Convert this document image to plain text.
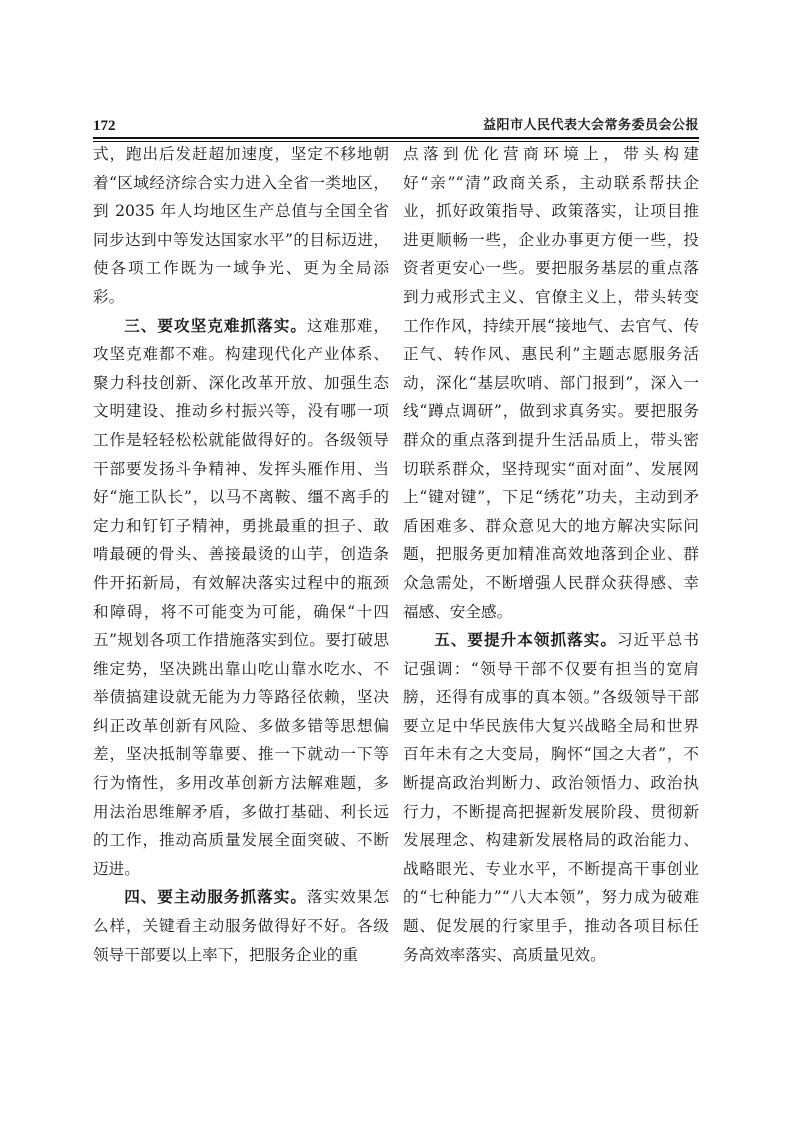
172	益阳市人民代表大会常务委员会公报

式，跑出后发赶超加速度，坚定不移地朝着“区域经济综合实力进入全省一类地区，到 2035 年人均地区生产总值与全国全省同步达到中等发达国家水平”的目标迈进，使各项工作既为一域争光、更为全局添彩。

三、要攻坚克难抓落实。这难那难，攻坚克难都不难。构建现代化产业体系、聚力科技创新、深化改革开放、加强生态文明建设、推动乡村振兴等，没有哪一项工作是轻轻松松就能做得好的。各级领导干部要发扬斗争精神、发挥头雁作用、当好“施工队长”，以马不离鞍、缰不离手的定力和钉钉子精神，勇挑最重的担子、敢啃最硬的骨头、善接最烫的山芋，创造条件开拓新局，有效解决落实过程中的瓶颈和障碍，将不可能变为可能，确保“十四五”规划各项工作措施落实到位。要打破思维定势，坚决跳出靠山吃山靠水吃水、不举债搞建设就无能为力等路径依赖，坚决纠正改革创新有风险、多做多错等思想偏差，坚决抵制等靠要、推一下就动一下等行为惰性，多用改革创新方法解难题，多用法治思维解矛盾，多做打基础、利长远的工作，推动高质量发展全面突破、不断迈进。

四、要主动服务抓落实。落实效果怎么样，关键看主动服务做得好不好。各级领导干部要以上率下，把服务企业的重

点落到优化营商环境上，带头构建好“亲”“清”政商关系，主动联系帮扶企业，抓好政策指导、政策落实，让项目推进更顺畅一些，企业办事更方便一些，投资者更安心一些。要把服务基层的重点落到力戒形式主义、官僚主义上，带头转变工作作风，持续开展“接地气、去官气、传正气、转作风、惠民利”主题志愿服务活动，深化“基层吹哨、部门报到”，深入一线“蹲点调研”，做到求真务实。要把服务群众的重点落到提升生活品质上，带头密切联系群众，坚持现实“面对面”、发展网上“键对键”，下足“绣花”功夫，主动到矛盾困难多、群众意见大的地方解决实际问题，把服务更加精准高效地落到企业、群众急需处，不断增强人民群众获得感、幸福感、安全感。

五、要提升本领抓落实。习近平总书记强调：“领导干部不仅要有担当的宽肩膀，还得有成事的真本领。”各级领导干部要立足中华民族伟大复兴战略全局和世界百年未有之大变局，胸怀“国之大者”，不断提高政治判断力、政治领悟力、政治执行力，不断提高把握新发展阶段、贯彻新发展理念、构建新发展格局的政治能力、战略眼光、专业水平，不断提高干事创业的“七种能力”“八大本领”，努力成为破难题、促发展的行家里手，推动各项目标任务高效率落实、高质量见效。
